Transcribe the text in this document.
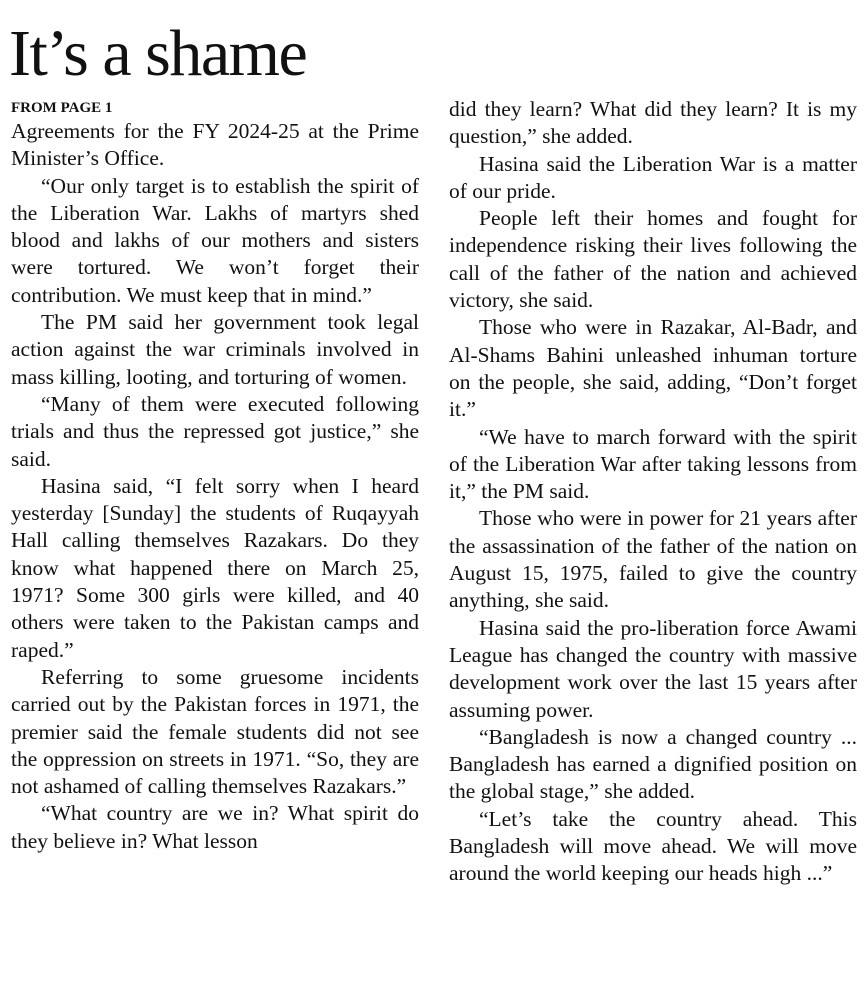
It’s a shame
FROM PAGE 1

Agreements for the FY 2024-25 at the Prime Minister’s Office.

“Our only target is to establish the spirit of the Liberation War. Lakhs of martyrs shed blood and lakhs of our mothers and sisters were tortured. We won’t forget their contribution. We must keep that in mind.”

The PM said her government took legal action against the war criminals involved in mass killing, looting, and torturing of women.

“Many of them were executed following trials and thus the repressed got justice,” she said.

Hasina said, “I felt sorry when I heard yesterday [Sunday] the students of Ruqayyah Hall calling themselves Razakars. Do they know what happened there on March 25, 1971? Some 300 girls were killed, and 40 others were taken to the Pakistan camps and raped.”

Referring to some gruesome incidents carried out by the Pakistan forces in 1971, the premier said the female students did not see the oppression on streets in 1971. “So, they are not ashamed of calling themselves Razakars.”

“What country are we in? What spirit do they believe in? What lesson

did they learn? What did they learn? It is my question,” she added.

Hasina said the Liberation War is a matter of our pride.

People left their homes and fought for independence risking their lives following the call of the father of the nation and achieved victory, she said.

Those who were in Razakar, Al-Badr, and Al-Shams Bahini unleashed inhuman torture on the people, she said, adding, “Don’t forget it.”

“We have to march forward with the spirit of the Liberation War after taking lessons from it,” the PM said.

Those who were in power for 21 years after the assassination of the father of the nation on August 15, 1975, failed to give the country anything, she said.

Hasina said the pro-liberation force Awami League has changed the country with massive development work over the last 15 years after assuming power.

“Bangladesh is now a changed country ... Bangladesh has earned a dignified position on the global stage,” she added.

“Let’s take the country ahead. This Bangladesh will move ahead. We will move around the world keeping our heads high ...”
